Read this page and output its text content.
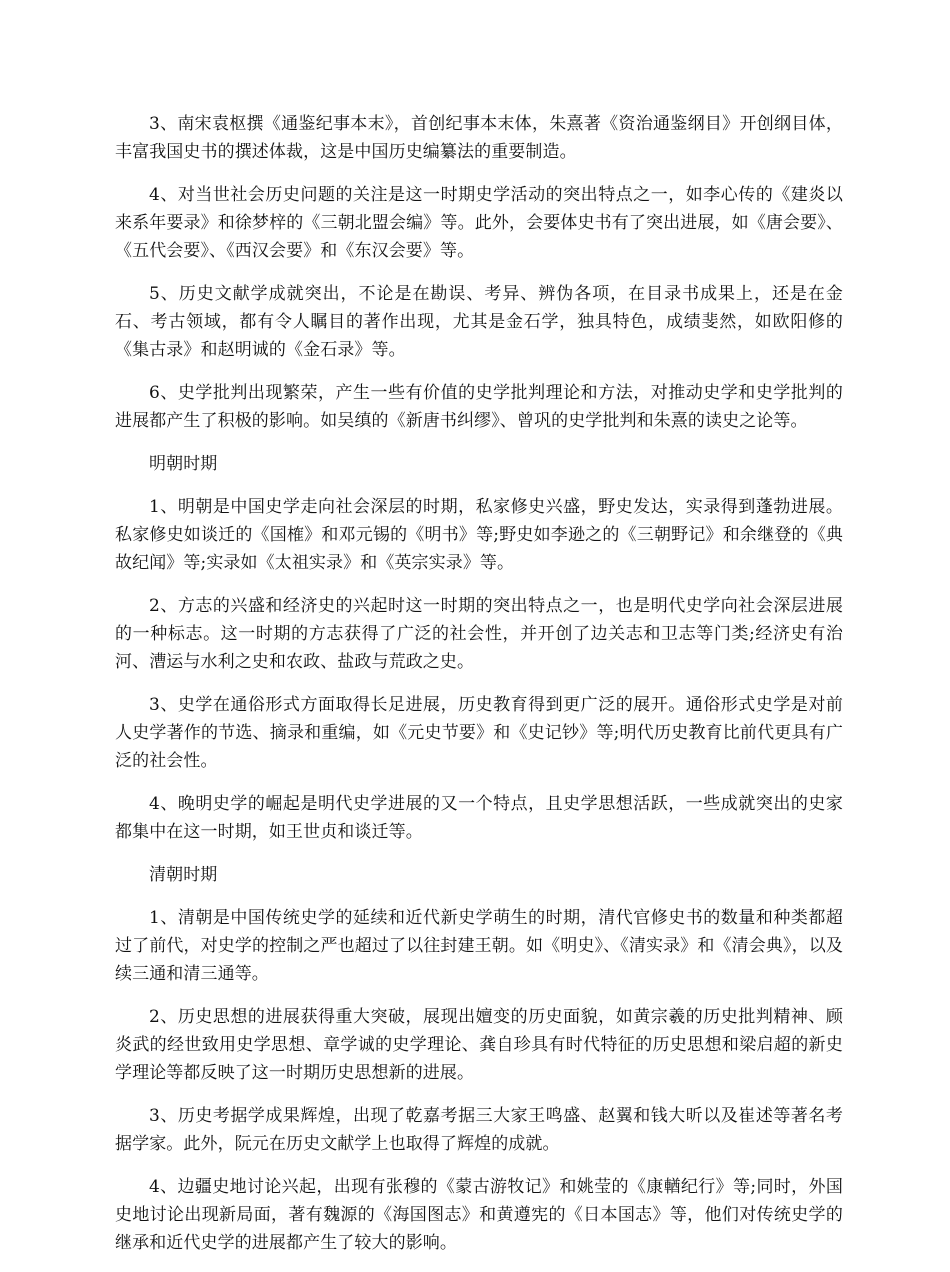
3、南宋袁枢撰《通鉴纪事本末》，首创纪事本末体，朱熹著《资治通鉴纲目》开创纲目体，丰富我国史书的撰述体裁，这是中国历史编纂法的重要制造。

4、对当世社会历史问题的关注是这一时期史学活动的突出特点之一，如李心传的《建炎以来系年要录》和徐梦梓的《三朝北盟会编》等。此外，会要体史书有了突出进展，如《唐会要》、《五代会要》、《西汉会要》和《东汉会要》等。

5、历史文献学成就突出，不论是在勘误、考异、辨伪各项，在目录书成果上，还是在金石、考古领域，都有令人瞩目的著作出现，尤其是金石学，独具特色，成绩斐然，如欧阳修的《集古录》和赵明诚的《金石录》等。

6、史学批判出现繁荣，产生一些有价值的史学批判理论和方法，对推动史学和史学批判的进展都产生了积极的影响。如吴缜的《新唐书纠缪》、曾巩的史学批判和朱熹的读史之论等。

明朝时期

1、明朝是中国史学走向社会深层的时期，私家修史兴盛，野史发达，实录得到蓬勃进展。私家修史如谈迁的《国榷》和邓元锡的《明书》等;野史如李逊之的《三朝野记》和余继登的《典故纪闻》等;实录如《太祖实录》和《英宗实录》等。

2、方志的兴盛和经济史的兴起时这一时期的突出特点之一，也是明代史学向社会深层进展的一种标志。这一时期的方志获得了广泛的社会性，并开创了边关志和卫志等门类;经济史有治河、漕运与水利之史和农政、盐政与荒政之史。

3、史学在通俗形式方面取得长足进展，历史教育得到更广泛的展开。通俗形式史学是对前人史学著作的节选、摘录和重编，如《元史节要》和《史记钞》等;明代历史教育比前代更具有广泛的社会性。

4、晚明史学的崛起是明代史学进展的又一个特点，且史学思想活跃，一些成就突出的史家都集中在这一时期，如王世贞和谈迁等。

清朝时期

1、清朝是中国传统史学的延续和近代新史学萌生的时期，清代官修史书的数量和种类都超过了前代，对史学的控制之严也超过了以往封建王朝。如《明史》、《清实录》和《清会典》，以及续三通和清三通等。

2、历史思想的进展获得重大突破，展现出嬗变的历史面貌，如黄宗羲的历史批判精神、顾炎武的经世致用史学思想、章学诚的史学理论、龚自珍具有时代特征的历史思想和梁启超的新史学理论等都反映了这一时期历史思想新的进展。

3、历史考据学成果辉煌，出现了乾嘉考据三大家王鸣盛、赵翼和钱大昕以及崔述等著名考据学家。此外，阮元在历史文献学上也取得了辉煌的成就。

4、边疆史地讨论兴起，出现有张穆的《蒙古游牧记》和姚莹的《康輶纪行》等;同时，外国史地讨论出现新局面，著有魏源的《海国图志》和黄遵宪的《日本国志》等，他们对传统史学的继承和近代史学的进展都产生了较大的影响。
